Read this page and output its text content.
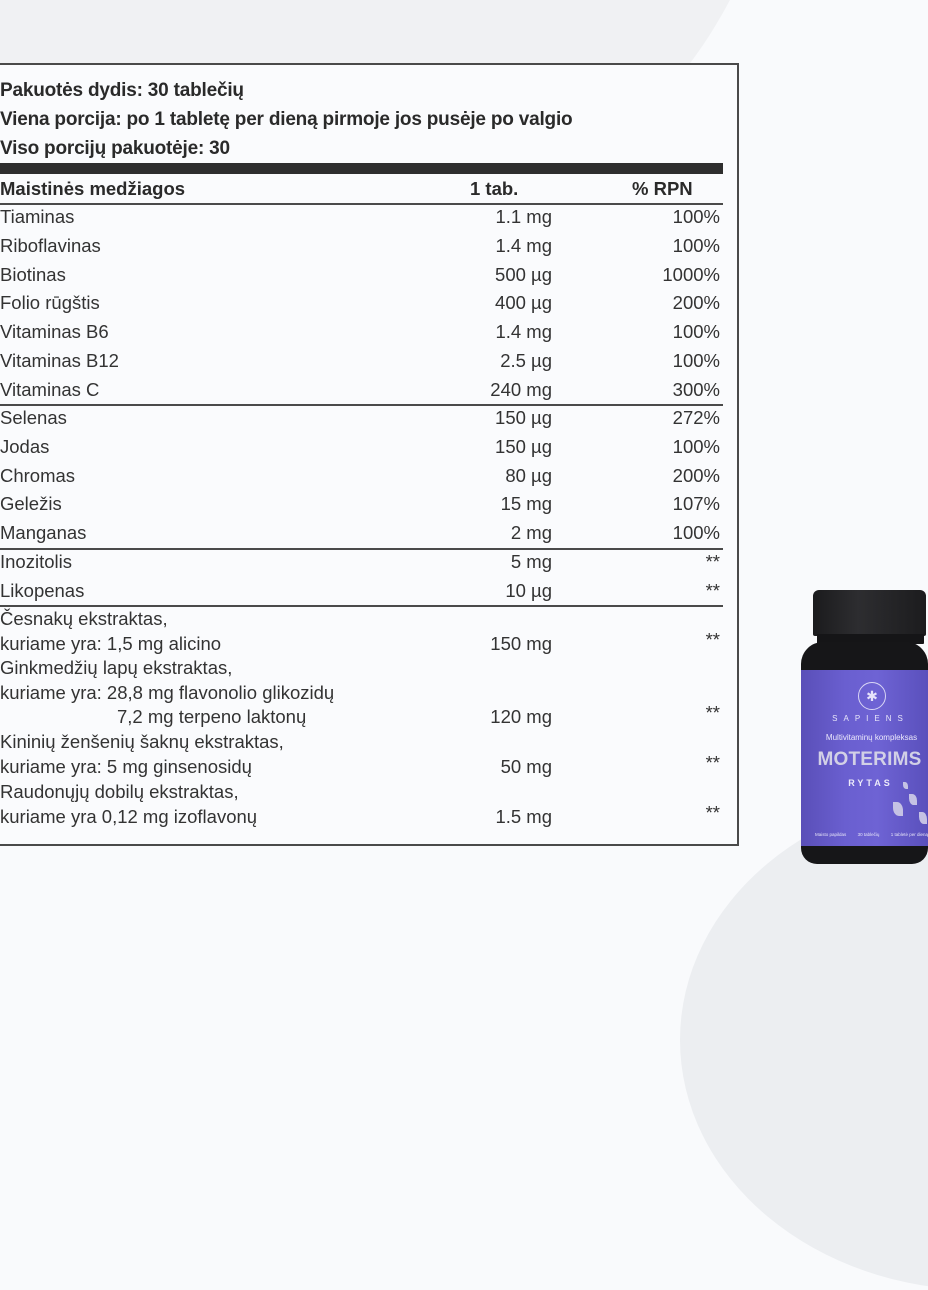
Pakuotės dydis: 30 tablečių
Viena porcija: po 1 tabletę per dieną pirmoje jos pusėje po valgio
Viso porcijų pakuotėje: 30
Maistinės medžiagos	1 tab.	% RPN
✱
SAPIENS
Multivitaminų kompleksas
MOTERIMS
RYTAS
Maisto papildas	30 tablečių	1 tabletė per dieną
Tiaminas	1.1 mg	100%
Riboflavinas	1.4 mg	100%
Biotinas	500 µg	1000%
Folio rūgštis	400 µg	200%
Vitaminas B6	1.4 mg	100%
Vitaminas B12	2.5 µg	100%
Vitaminas C	240 mg	300%
Selenas	150 µg	272%
Jodas	150 µg	100%
Chromas	80 µg	200%
Geležis	15 mg	107%
Manganas	2 mg	100%
Inozitolis	5 mg	**
Likopenas	10 µg	**
Česnakų ekstraktas,
kuriame yra: 1,5 mg alicino	150 mg	**
Ginkmedžių lapų ekstraktas,
kuriame yra: 28,8 mg flavonolio glikozidų
7,2 mg terpeno laktonų	120 mg	**
Kininių ženšenių šaknų ekstraktas,
kuriame yra: 5 mg ginsenosidų	50 mg	**
Raudonųjų dobilų ekstraktas,
kuriame yra 0,12 mg izoflavonų	1.5 mg	**
